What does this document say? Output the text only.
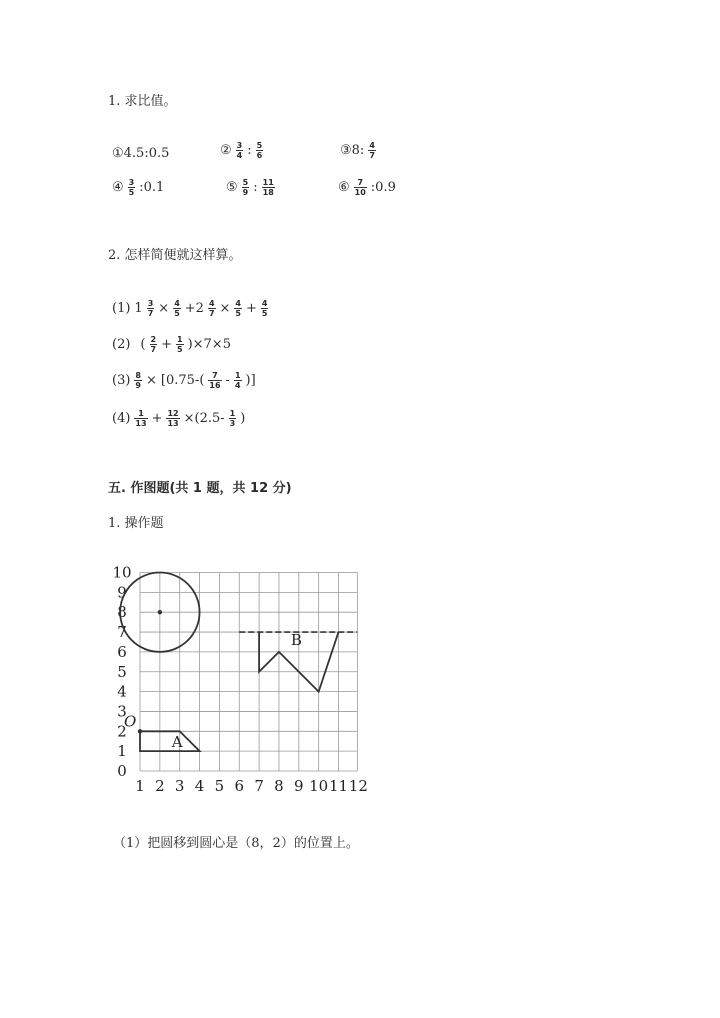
1. 求比值。
①4.5:0.5	② $\frac{3}{4}$ : $\frac{5}{6}$	③8: $\frac{4}{7}$
④ $\frac{3}{5}$ :0.1	⑤ $\frac{5}{9}$ : $\frac{11}{18}$	⑥ $\frac{7}{10}$ :0.9
2. 怎样简便就这样算。
(1) $1 \frac{3}{7} \times \frac{4}{5} +2 \frac{4}{7} \times \frac{4}{5} + \frac{4}{5}$
(2) ( $\frac{2}{7} + \frac{1}{5} )\times 7\times 5$
$(3) \frac{8}{9} \times [0.75-( \frac{7}{16} - \frac{1}{4}$ )]
$(4) \frac{1}{13} + \frac{12}{13} \times(2.5- \frac{1}{3}$ )
五. 作图题(共 1 题，共 12 分)
1. 操作题
1 2 3 4 5 6 7 8 9 10 11 12
0
1
2
3
4
5
6
7
8
9
10
A
O
B
（1）把圆移到圆心是（8，2）的位置上。
